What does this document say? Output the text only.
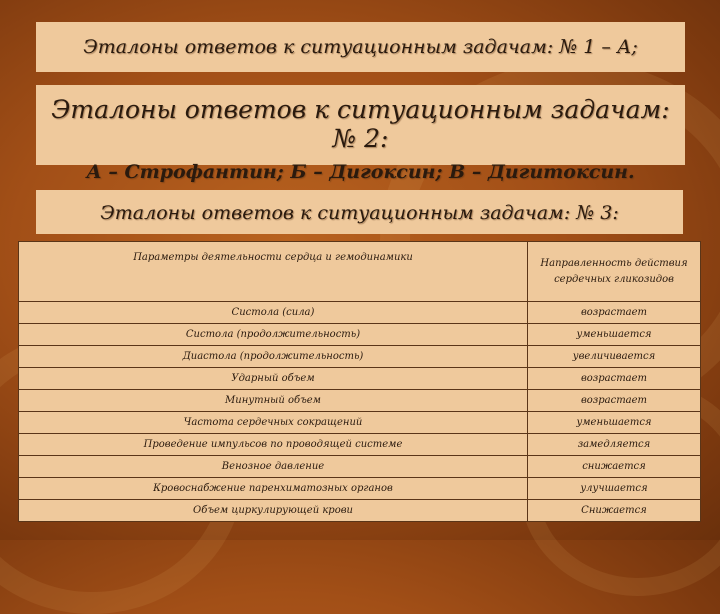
Эталоны ответов к ситуационным задачам: № 1 – А;
Эталоны ответов к ситуационным задачам: № 2:
А – Строфантин; Б – Дигоксин; В – Дигитоксин.
Эталоны ответов к ситуационным задачам: № 3:
Параметры деятельности сердца и гемодинамики	Направленность действия сердечных гликозидов
Систола (сила)	возрастает
Систола (продолжительность)	уменьшается
Диастола (продолжительность)	увеличивается
Ударный объем	возрастает
Минутный объем	возрастает
Частота сердечных сокращений	уменьшается
Проведение импульсов по проводящей системе	замедляется
Венозное давление	снижается
Кровоснабжение паренхиматозных органов	улучшается
Объем циркулирующей крови	Снижается
